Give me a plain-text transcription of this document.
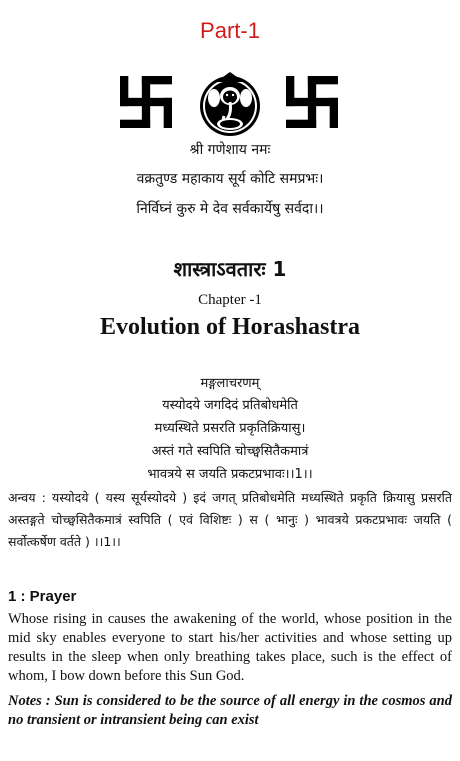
Part-1
श्री गणेशाय नमः
वक्रतुण्ड महाकाय सूर्य कोटि समप्रभः।
निर्विघ्नं कुरु मे देव सर्वकार्येषु सर्वदा।।
शास्त्राऽवतारः 1
Chapter -1
Evolution of Horashastra
मङ्गलाचरणम्
यस्योदये जगदिदं प्रतिबोधमेति
मध्यस्थिते प्रसरति प्रकृतिक्रियासु।
अस्तं गते स्वपिति चोच्छ्वसितैकमात्रं
भावत्रये स जयति प्रकटप्रभावः।।1।।
अन्वय : यस्योदये ( यस्य सूर्यस्योदये ) इदं जगत् प्रतिबोधमेति मध्यस्थिते प्रकृति क्रियासु प्रसरति अस्तङ्गते चोच्छ्वसितैकमात्रं स्वपिति ( एवं विशिष्टः ) स ( भानुः ) भावत्रये प्रकटप्रभावः जयति ( सर्वोत्कर्षेण वर्तते ) ।।1।।
1 : Prayer
Whose rising in causes the awakening of the world, whose position in the mid sky enables everyone to start his/her activities and whose setting up results in the sleep when only breathing takes place, such is the effect of whom, I bow down before this Sun God.
Notes : Sun is considered to be the source of all energy in the cosmos and no transient or intransient being can exist
